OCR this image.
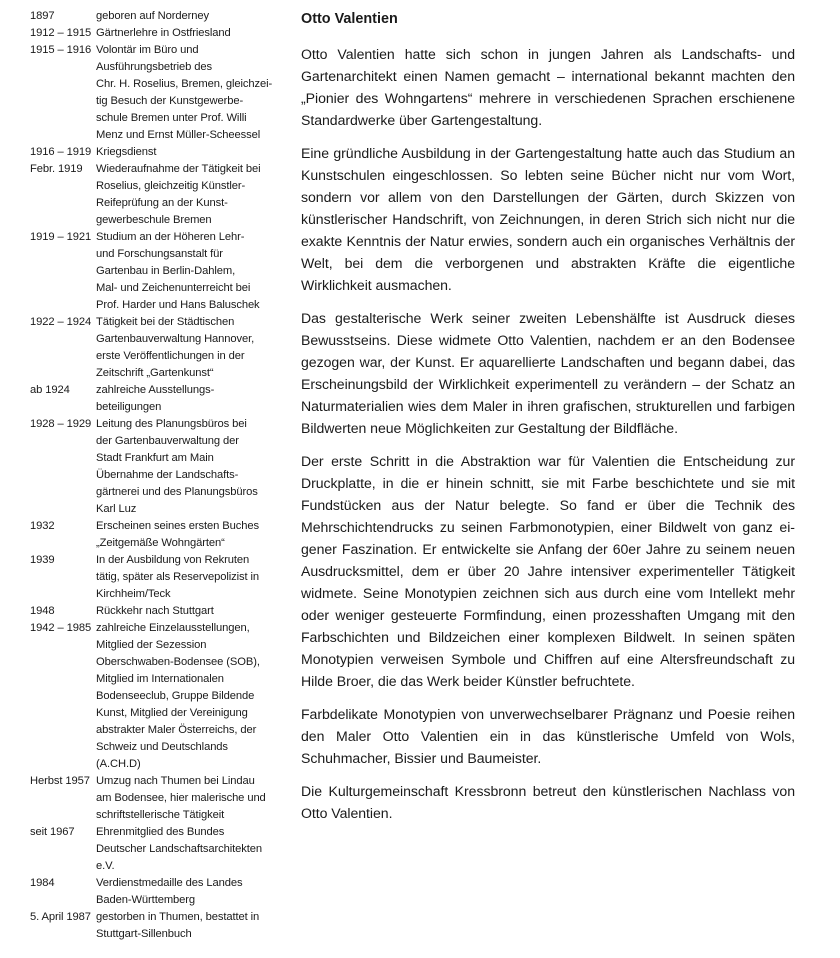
1897	geboren auf Norderney
1912 – 1915 Gärtnerlehre in Ostfriesland
1915 – 1916 Volontär im Büro und
Ausführungsbetrieb des
Chr. H. Roselius, Bremen, gleichzei-
tig Besuch der Kunstgewerbe-
schule Bremen unter Prof. Willi
Menz und Ernst Müller-Scheessel
1916 – 1919 Kriegsdienst
Febr. 1919	Wiederaufnahme der Tätigkeit bei
Roselius, gleichzeitig Künstler-
Reifeprüfung an der Kunst-
gewerbeschule Bremen
1919 – 1921 Studium an der Höheren Lehr-
und Forschungsanstalt für
Gartenbau in Berlin-Dahlem,
Mal- und Zeichenunterreicht bei
Prof. Harder und Hans Baluschek
1922 – 1924 Tätigkeit bei der Städtischen
Gartenbauverwaltung Hannover,
erste Veröffentlichungen in der
Zeitschrift „Gartenkunst“
ab 1924	zahlreiche Ausstellungs-
beteiligungen
1928 – 1929 Leitung des Planungsbüros bei
der Gartenbauverwaltung der
Stadt Frankfurt am Main
Übernahme der Landschafts-
gärtnerei und des Planungsbüros
Karl Luz
1932	Erscheinen seines ersten Buches
„Zeitgemäße Wohngärten“
1939	In der Ausbildung von Rekruten
tätig, später als Reservepolizist in
Kirchheim/Teck
1948	Rückkehr nach Stuttgart
1942 – 1985 zahlreiche Einzelausstellungen,
Mitglied der Sezession
Oberschwaben-Bodensee (SOB),
Mitglied im Internationalen
Bodenseeclub, Gruppe Bildende
Kunst, Mitglied der Vereinigung
abstrakter Maler Österreichs, der
Schweiz und Deutschlands
(A.CH.D)
Herbst 1957 Umzug nach Thumen bei Lindau
am Bodensee, hier malerische und
schriftstellerische Tätigkeit
seit 1967	Ehrenmitglied des Bundes
Deutscher Landschaftsarchitekten
e.V.
1984	Verdienstmedaille des Landes
Baden-Württemberg
5. April 1987 gestorben in Thumen, bestattet in
Stuttgart-Sillenbuch
Otto Valentien

Otto Valentien hatte sich schon in jungen Jahren als Landschafts- und Gartenarchitekt einen Namen gemacht – international bekannt machten den „Pionier des Wohngartens“ mehrere in verschiedenen Sprachen erschienene Standardwerke über Gartengestaltung.

Eine gründliche Ausbildung in der Gartengestaltung hatte auch das Studium an Kunstschulen eingeschlossen. So lebten seine Bücher nicht nur vom Wort, sondern vor allem von den Darstellungen der Gärten, durch Skizzen von künstlerischer Handschrift, von Zeichnungen, in deren Strich sich nicht nur die exakte Kenntnis der Natur erwies, sondern auch ein organisches Verhältnis der Welt, bei dem die verborgenen und abstrakten Kräfte die eigentliche Wirklichkeit ausmachen.

Das gestalterische Werk seiner zweiten Lebenshälfte ist Ausdruck dieses Bewusstseins. Diese widmete Otto Valentien, nachdem er an den Bodensee gezogen war, der Kunst. Er aquarellierte Landschaften und begann dabei, das Erscheinungsbild der Wirklichkeit experimentell zu verändern – der Schatz an Naturmaterialien wies dem Maler in ihren grafischen, strukturellen und farbigen Bildwerten neue Möglichkeiten zur Gestaltung der Bildfläche.

Der erste Schritt in die Abstraktion war für Valentien die Entscheidung zur Druckplatte, in die er hinein schnitt, sie mit Farbe beschichtete und sie mit Fundstücken aus der Natur belegte. So fand er über die Technik des Mehrschichtendrucks zu seinen Farbmonotypien, einer Bildwelt von ganz eigener Faszination. Er entwickelte sie Anfang der 60er Jahre zu seinem neuen Ausdrucksmittel, dem er über 20 Jahre intensiver experimenteller Tätigkeit widmete. Seine Monotypien zeichnen sich aus durch eine vom Intellekt mehr oder weniger gesteuerte Formfindung, einen prozesshaften Umgang mit den Farbschichten und Bildzeichen einer komplexen Bildwelt. In seinen späten Monotypien verweisen Symbole und Chiffren auf eine Altersfreundschaft zu Hilde Broer, die das Werk beider Künstler befruchtete.

Farbdelikate Monotypien von unverwechselbarer Prägnanz und Poesie reihen den Maler Otto Valentien ein in das künstlerische Umfeld von Wols, Schuhmacher, Bissier und Baumeister.

Die Kulturgemeinschaft Kressbronn betreut den künstlerischen Nachlass von Otto Valentien.
